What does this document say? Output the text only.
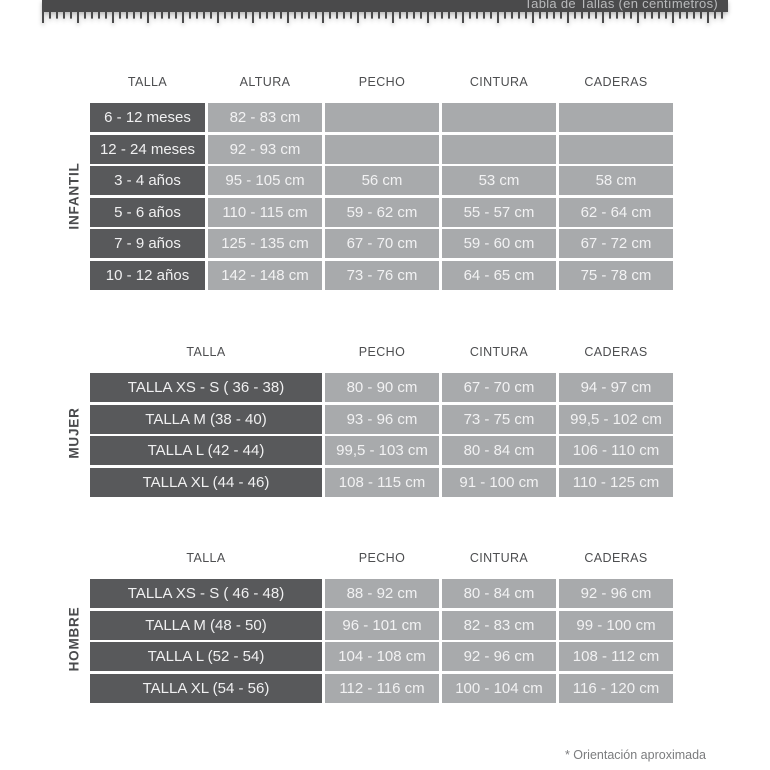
Tabla de Tallas (en centímetros)
TALLA	ALTURA	PECHO	CINTURA	CADERAS
6 - 12 meses	82 - 83 cm
12 - 24 meses	92 - 93 cm
3 - 4 años	95 - 105 cm	56 cm	53 cm	58 cm
5 - 6 años	110 - 115 cm	59 - 62 cm	55 - 57 cm	62 - 64 cm
7 - 9 años	125 - 135 cm	67 - 70 cm	59 - 60 cm	67 - 72 cm
10 - 12 años	142 - 148 cm	73 - 76 cm	64 - 65 cm	75 - 78 cm
TALLA	PECHO	CINTURA	CADERAS
TALLA XS - S ( 36 - 38)	80 - 90 cm	67 - 70 cm	94 - 97 cm
TALLA M (38 - 40)	93 - 96 cm	73 - 75 cm	99,5 - 102 cm
TALLA L (42 - 44)	99,5 - 103 cm	80 - 84 cm	106 - 110 cm
TALLA XL (44 - 46)	108 - 115 cm	91 - 100 cm	110 - 125 cm
TALLA	PECHO	CINTURA	CADERAS
TALLA XS - S ( 46 - 48)	88 - 92 cm	80 - 84 cm	92 - 96 cm
TALLA M (48 - 50)	96 - 101 cm	82 - 83 cm	99 - 100 cm
TALLA L (52 - 54)	104 - 108 cm	92 - 96 cm	108 - 112 cm
TALLA XL (54 - 56)	112 - 116 cm	100 - 104 cm	116 - 120 cm
INFANTIL
MUJER
HOMBRE
* Orientación aproximada
